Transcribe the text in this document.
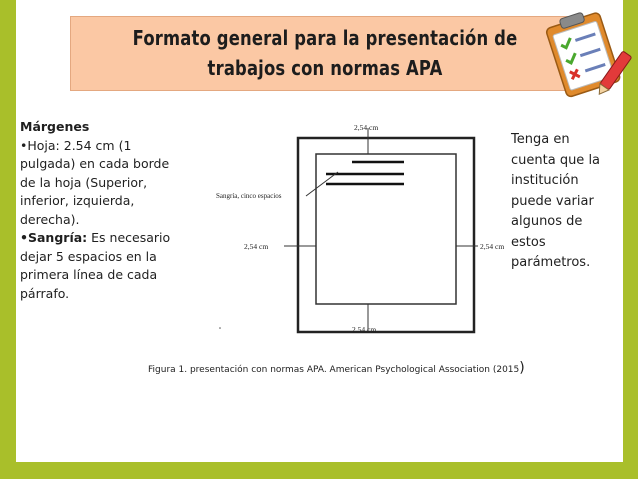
Formato general para la presentación de
trabajos con normas APA
Márgenes
•Hoja: 2.54 cm (1
pulgada) en cada borde
de la hoja (Superior,
inferior, izquierda,
derecha).
•Sangría: Es necesario
dejar 5 espacios en la
primera línea de cada
párrafo.
2,54 cm
2,54 cm
2,54 cm	2,54 cm
Sangría, cinco espacios
Tenga en
cuenta que la
institución
puede variar
algunos de
estos
parámetros.
Figura 1. presentación con normas APA. American Psychological Association (2015)
